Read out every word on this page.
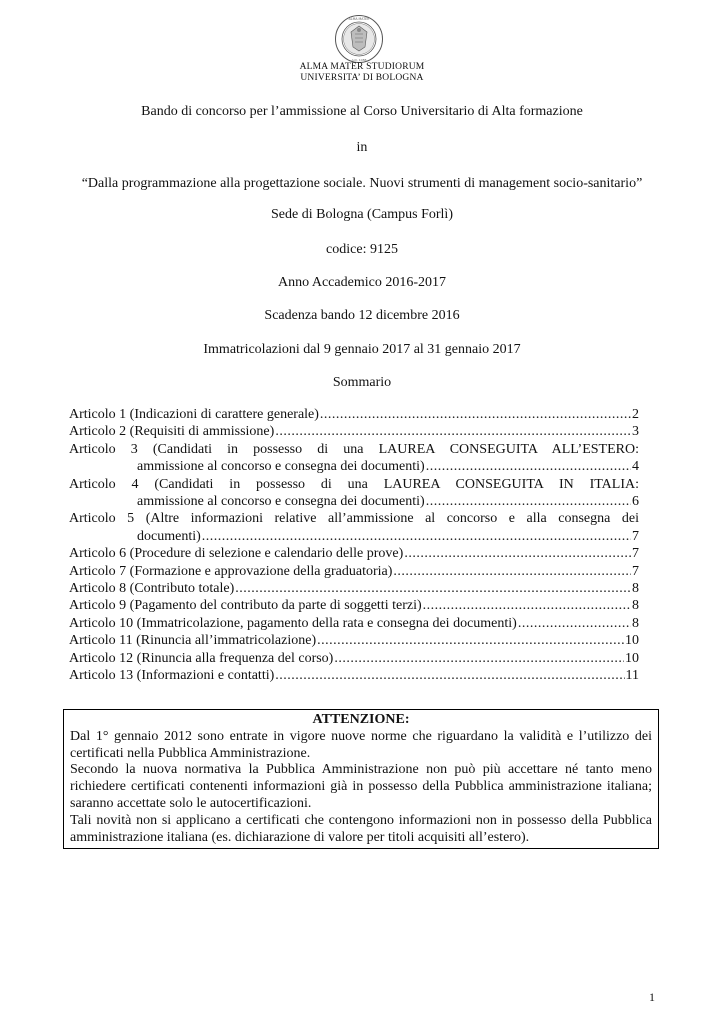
ALMA MATER
A.D. 1088
ALMA MATER STUDIORUM
UNIVERSITA’ DI BOLOGNA
Bando di concorso per l’ammissione al Corso Universitario di Alta formazione
in
“Dalla programmazione alla progettazione sociale. Nuovi strumenti di management socio-sanitario”
Sede di Bologna (Campus Forlì)
codice: 9125
Anno Accademico 2016-2017
Scadenza bando 12 dicembre 2016
Immatricolazioni dal 9 gennaio 2017 al 31 gennaio 2017
Sommario
Articolo 1 (Indicazioni di carattere generale) .....	2
Articolo 2 (Requisiti di ammissione) .....	3
Articolo 3 (Candidati in possesso di una LAUREA CONSEGUITA ALL’ESTERO:
ammissione al concorso e consegna dei documenti) .....	4
Articolo 4 (Candidati in possesso di una LAUREA CONSEGUITA IN ITALIA:
ammissione al concorso e consegna dei documenti) .....	6
Articolo 5 (Altre informazioni relative all’ammissione al concorso e alla consegna dei
documenti) .....	7
Articolo 6 (Procedure di selezione e calendario delle prove) .....	7
Articolo 7 (Formazione e approvazione della graduatoria) .....	7
Articolo 8 (Contributo totale) .....	8
Articolo 9 (Pagamento del contributo da parte di soggetti terzi) .....	8
Articolo 10 (Immatricolazione, pagamento della rata e consegna dei documenti) .....	8
Articolo 11 (Rinuncia all’immatricolazione) .....	10
Articolo 12 (Rinuncia alla frequenza del corso) .....	10
Articolo 13 (Informazioni e contatti) .....	11
ATTENZIONE:
Dal 1° gennaio 2012 sono entrate in vigore nuove norme che riguardano la validità e l’utilizzo dei certificati nella Pubblica Amministrazione.
Secondo la nuova normativa la Pubblica Amministrazione non può più accettare né tanto meno richiedere certificati contenenti informazioni già in possesso della Pubblica amministrazione italiana; saranno accettate solo le autocertificazioni.
Tali novità non si applicano a certificati che contengono informazioni non in possesso della Pubblica amministrazione italiana (es. dichiarazione di valore per titoli acquisiti all’estero).
1
